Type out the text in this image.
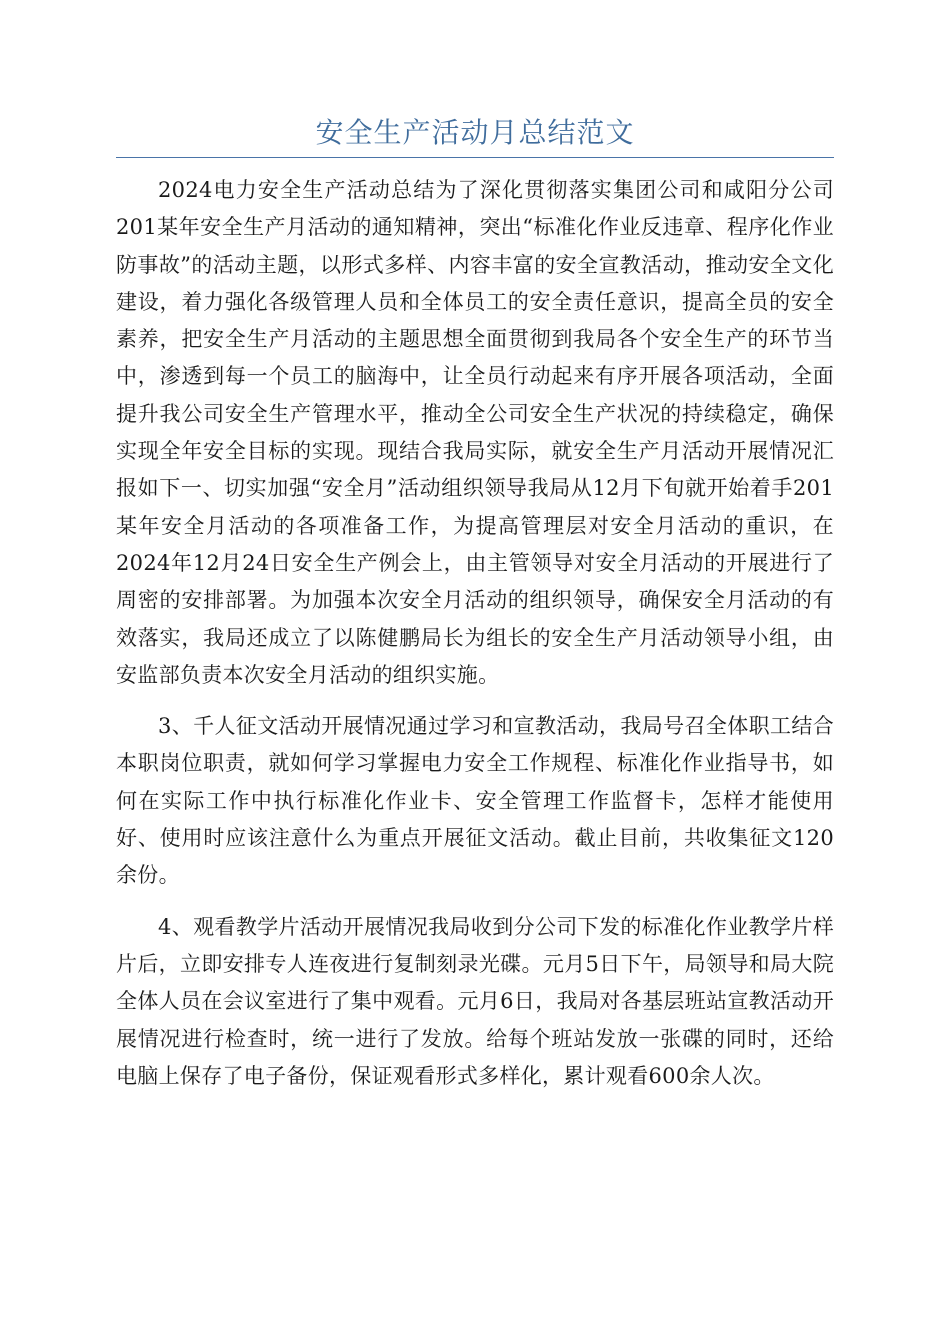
安全生产活动月总结范文

2024电力安全生产活动总结为了深化贯彻落实集团公司和咸阳分公司201某年安全生产月活动的通知精神，突出“标准化作业反违章、程序化作业防事故”的活动主题，以形式多样、内容丰富的安全宣教活动，推动安全文化建设，着力强化各级管理人员和全体员工的安全责任意识，提高全员的安全素养，把安全生产月活动的主题思想全面贯彻到我局各个安全生产的环节当中，渗透到每一个员工的脑海中，让全员行动起来有序开展各项活动，全面提升我公司安全生产管理水平，推动全公司安全生产状况的持续稳定，确保实现全年安全目标的实现。现结合我局实际，就安全生产月活动开展情况汇报如下一、切实加强“安全月”活动组织领导我局从12月下旬就开始着手201某年安全月活动的各项准备工作，为提高管理层对安全月活动的重识，在2024年12月24日安全生产例会上，由主管领导对安全月活动的开展进行了周密的安排部署。为加强本次安全月活动的组织领导，确保安全月活动的有效落实，我局还成立了以陈健鹏局长为组长的安全生产月活动领导小组，由安监部负责本次安全月活动的组织实施。

3、千人征文活动开展情况通过学习和宣教活动，我局号召全体职工结合本职岗位职责，就如何学习掌握电力安全工作规程、标准化作业指导书，如何在实际工作中执行标准化作业卡、安全管理工作监督卡，怎样才能使用好、使用时应该注意什么为重点开展征文活动。截止目前，共收集征文120余份。

4、观看教学片活动开展情况我局收到分公司下发的标准化作业教学片样片后，立即安排专人连夜进行复制刻录光碟。元月5日下午，局领导和局大院全体人员在会议室进行了集中观看。元月6日，我局对各基层班站宣教活动开展情况进行检查时，统一进行了发放。给每个班站发放一张碟的同时，还给电脑上保存了电子备份，保证观看形式多样化，累计观看600余人次。
